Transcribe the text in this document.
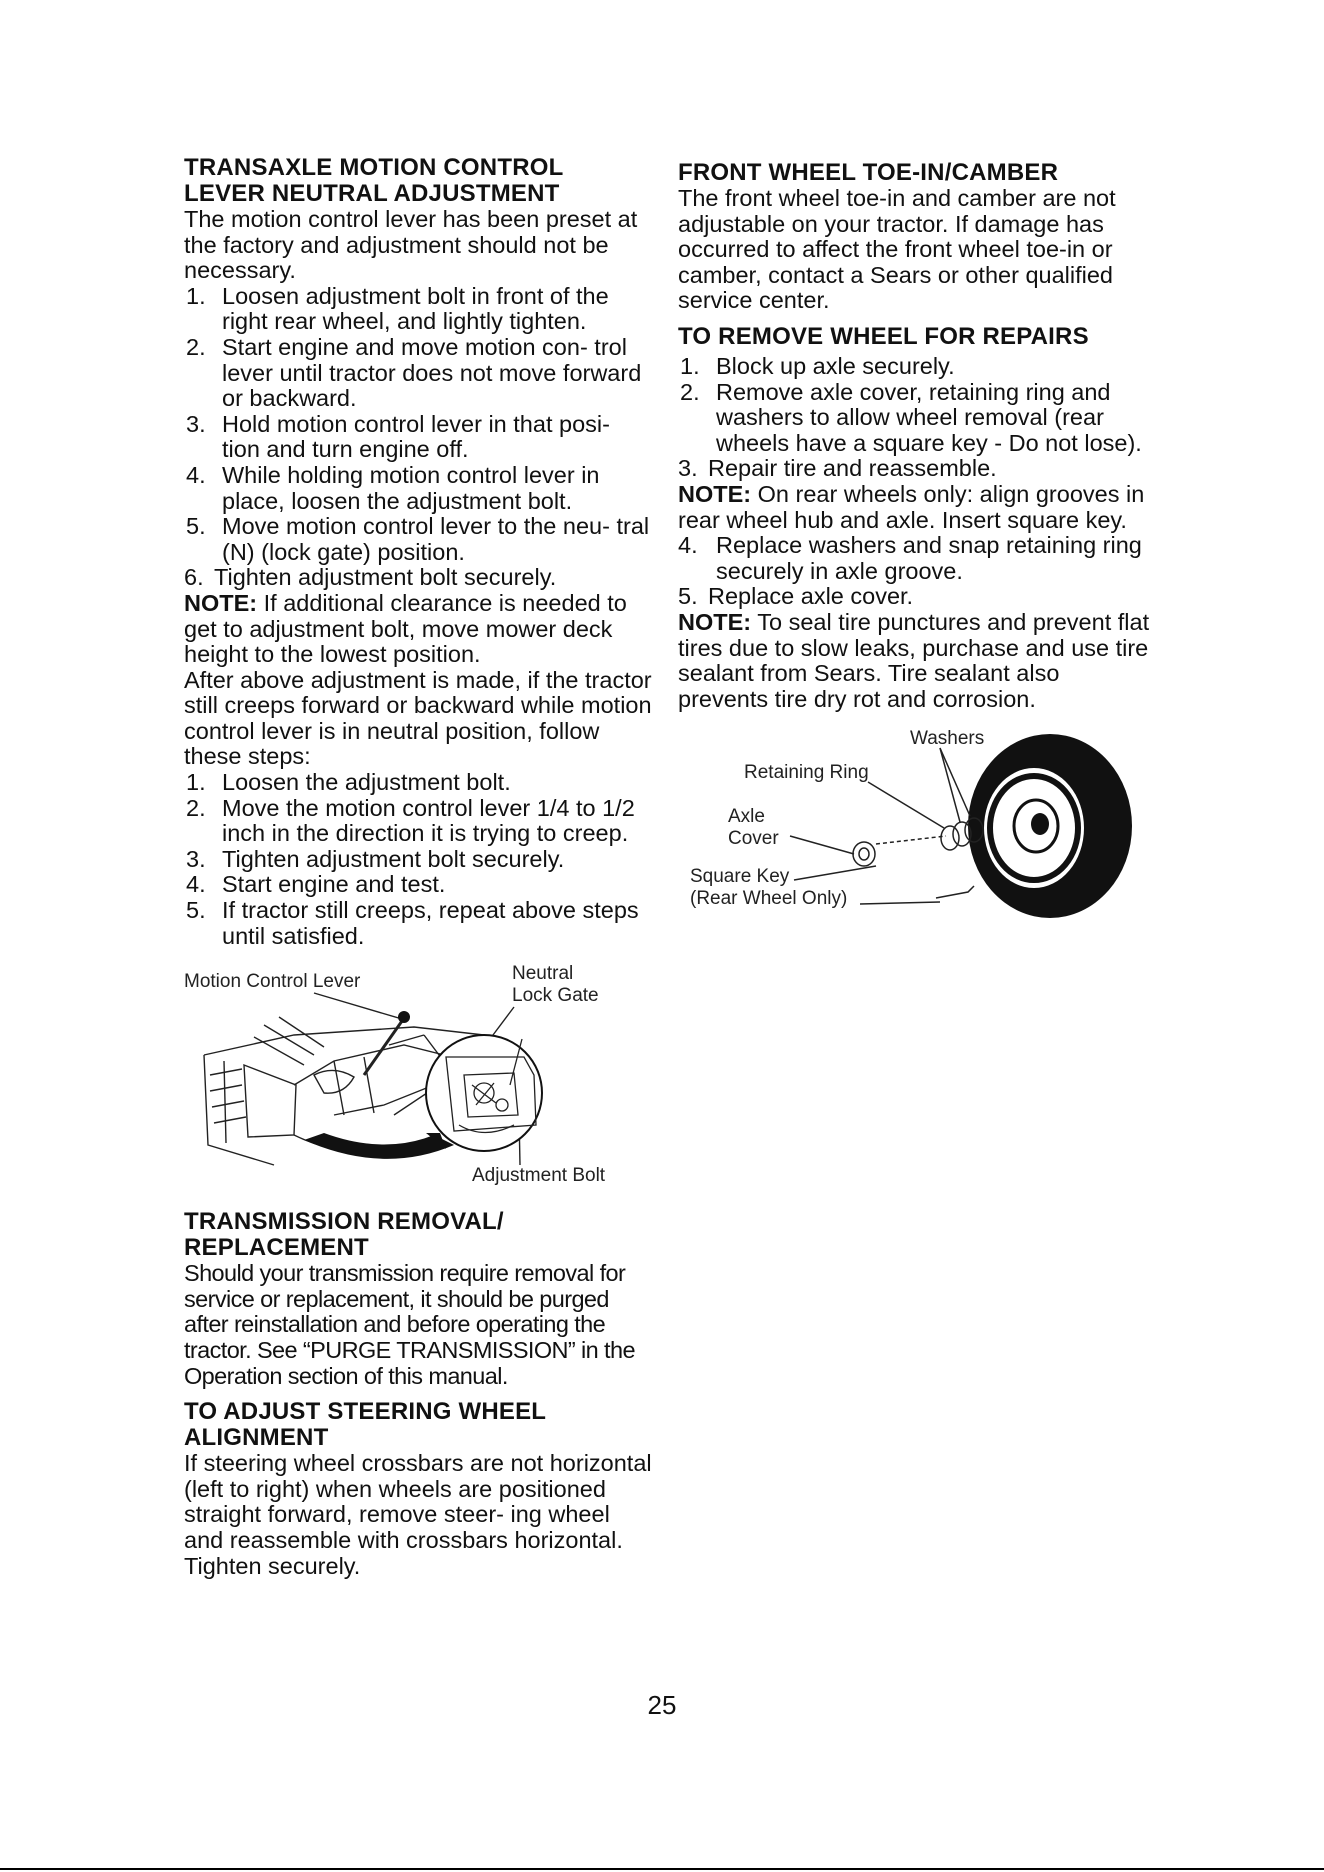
TRANSAXLE MOTION CONTROL
LEVER NEUTRAL ADJUSTMENT

The motion control lever has been preset at the factory and adjustment should not be necessary.

1. Loosen adjustment bolt in front of the right rear wheel, and lightly tighten.
2. Start engine and move motion con- trol lever until tractor does not move forward or backward.
3. Hold motion control lever in that posi- tion and turn engine off.
4. While holding motion control lever in place, loosen the adjustment bolt.
5. Move motion control lever to the neu- tral (N) (lock gate) position.
6. Tighten adjustment bolt securely.

NOTE: If additional clearance is needed to get to adjustment bolt, move mower deck height to the lowest position.

After above adjustment is made, if the tractor still creeps forward or backward while motion control lever is in neutral position, follow these steps:

1. Loosen the adjustment bolt.
2. Move the motion control lever 1/4 to 1/2 inch in the direction it is trying to creep.
3. Tighten adjustment bolt securely.
4. Start engine and test.
5. If tractor still creeps, repeat above steps until satisfied.
Motion Control Lever	Neutral
Lock Gate
Adjustment Bolt
TRANSMISSION REMOVAL/
REPLACEMENT

Should your transmission require removal for service or replacement, it should be purged after reinstallation and before operating the tractor. See “PURGE TRANSMISSION” in the Operation section of this manual.

TO ADJUST STEERING WHEEL
ALIGNMENT

If steering wheel crossbars are not horizontal (left to right) when wheels are positioned straight forward, remove steer- ing wheel and reassemble with crossbars horizontal. Tighten securely.

FRONT WHEEL TOE-IN/CAMBER

The front wheel toe-in and camber are not adjustable on your tractor. If damage has occurred to affect the front wheel toe-in or camber, contact a Sears or other qualified service center.

TO REMOVE WHEEL FOR REPAIRS
1. Block up axle securely.
2. Remove axle cover, retaining ring and washers to allow wheel removal (rear wheels have a square key - Do not lose).
3. Repair tire and reassemble.

NOTE: On rear wheels only: align grooves in rear wheel hub and axle. Insert square key.

4. Replace washers and snap retaining ring securely in axle groove.
5. Replace axle cover.

NOTE: To seal tire punctures and prevent flat tires due to slow leaks, purchase and use tire sealant from Sears. Tire sealant also prevents tire dry rot and corrosion.

Washers
Retaining Ring
Axle
Cover
Square Key
(Rear Wheel Only)
25
